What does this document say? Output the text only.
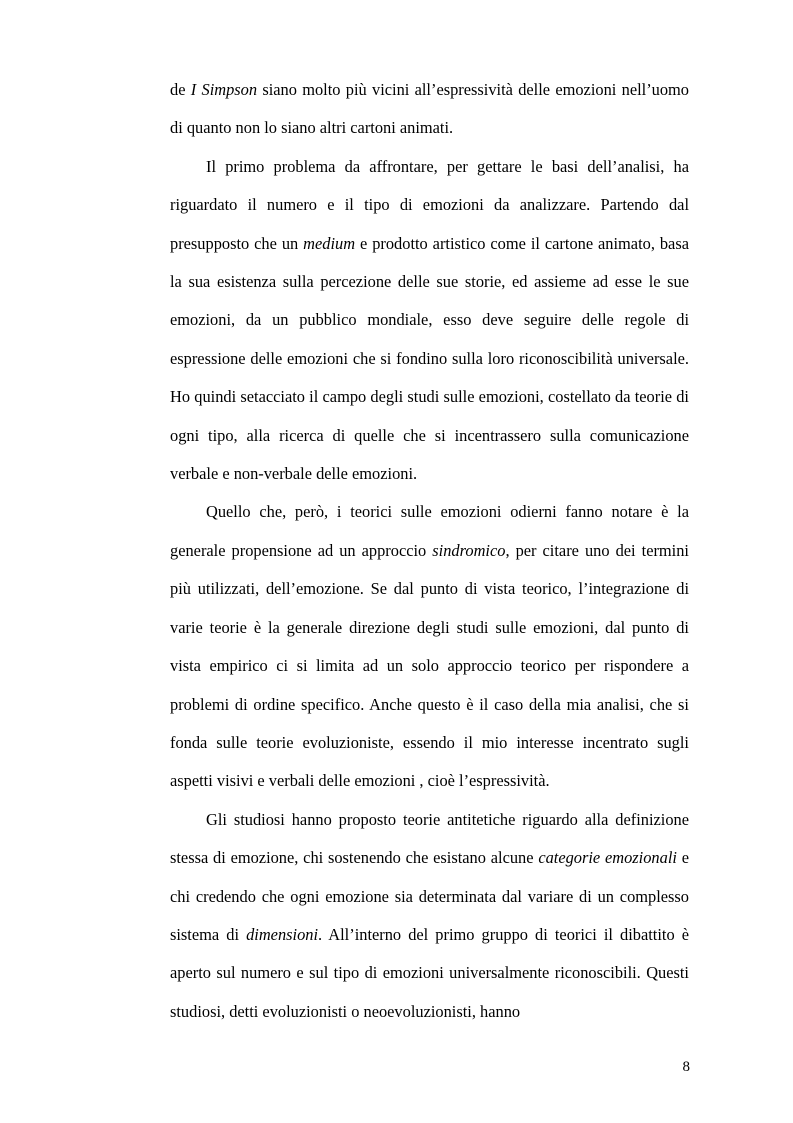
de I Simpson siano molto più vicini all’espressività delle emozioni nell’uomo di quanto non lo siano altri cartoni animati.

Il primo problema da affrontare, per gettare le basi dell’analisi, ha riguardato il numero e il tipo di emozioni da analizzare. Partendo dal presupposto che un medium e prodotto artistico come il cartone animato, basa la sua esistenza sulla percezione delle sue storie, ed assieme ad esse le sue emozioni, da un pubblico mondiale, esso deve seguire delle regole di espressione delle emozioni che si fondino sulla loro riconoscibilità universale. Ho quindi setacciato il campo degli studi sulle emozioni, costellato da teorie di ogni tipo, alla ricerca di quelle che si incentrassero sulla comunicazione verbale e non-verbale delle emozioni.

Quello che, però, i teorici sulle emozioni odierni fanno notare è la generale propensione ad un approccio sindromico, per citare uno dei termini più utilizzati, dell’emozione. Se dal punto di vista teorico, l’integrazione di varie teorie è la generale direzione degli studi sulle emozioni, dal punto di vista empirico ci si limita ad un solo approccio teorico per rispondere a problemi di ordine specifico. Anche questo è il caso della mia analisi, che si fonda sulle teorie evoluzioniste, essendo il mio interesse incentrato sugli aspetti visivi e verbali delle emozioni , cioè l’espressività.

Gli studiosi hanno proposto teorie antitetiche riguardo alla definizione stessa di emozione, chi sostenendo che esistano alcune categorie emozionali e chi credendo che ogni emozione sia determinata dal variare di un complesso sistema di dimensioni. All’interno del primo gruppo di teorici il dibattito è aperto sul numero e sul tipo di emozioni universalmente riconoscibili. Questi studiosi, detti evoluzionisti o neoevoluzionisti, hanno

8
